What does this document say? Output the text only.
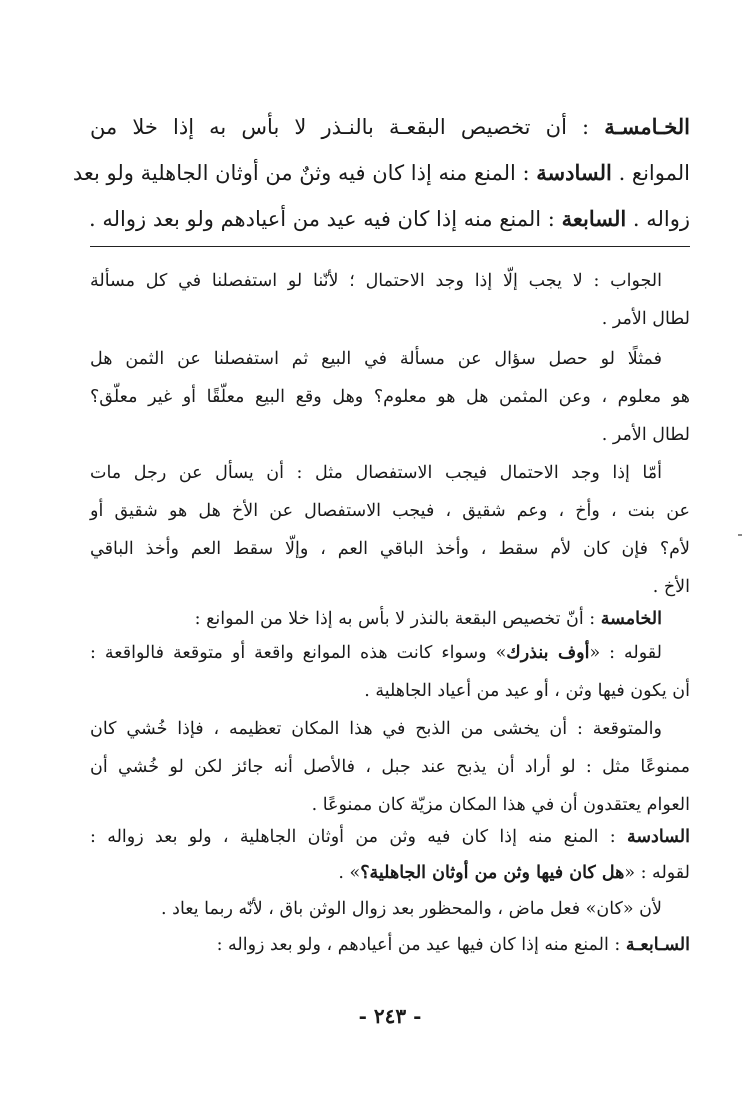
الخـامسـة : أن تخصيص البقعـة بالنـذر لا بأس به إذا خلا من
الموانع . السادسة : المنع منه إذا كان فيه وثنٌ من أوثان الجاهلية ولو بعد
زواله . السابعة : المنع منه إذا كان فيه عيد من أعيادهم ولو بعد زواله .
الجواب : لا يجب إلّا إذا وجد الاحتمال ؛ لأنّنا لو استفصلنا في كل مسألة
لطال الأمر .
فمثلًا لو حصل سؤال عن مسألة في البيع ثم استفصلنا عن الثمن هل
هو معلوم ، وعن المثمن هل هو معلوم؟ وهل وقع البيع معلّقًا أو غير معلّق؟
لطال الأمر .
أمّا إذا وجد الاحتمال فيجب الاستفصال مثل : أن يسأل عن رجل مات
عن بنت ، وأخ ، وعم شقيق ، فيجب الاستفصال عن الأخ هل هو شقيق أو
لأم؟ فإن كان لأم سقط ، وأخذ الباقي العم ، وإلّا سقط العم وأخذ الباقي
الأخ .
الخامسة : أنّ تخصيص البقعة بالنذر لا بأس به إذا خلا من الموانع :
لقوله : «أوف بنذرك» وسواء كانت هذه الموانع واقعة أو متوقعة فالواقعة :
أن يكون فيها وثن ، أو عيد من أعياد الجاهلية .
والمتوقعة : أن يخشى من الذبح في هذا المكان تعظيمه ، فإذا خُشي كان
ممنوعًا مثل : لو أراد أن يذبح عند جبل ، فالأصل أنه جائز لكن لو خُشي أن
العوام يعتقدون أن في هذا المكان مزيّة كان ممنوعًا .
السادسة : المنع منه إذا كان فيه وثن من أوثان الجاهلية ، ولو بعد زواله :
لقوله : «هل كان فيها وثن من أوثان الجاهلية؟» .
لأن «كان» فعل ماض ، والمحظور بعد زوال الوثن باق ، لأنّه ربما يعاد .
السـابعـة : المنع منه إذا كان فيها عيد من أعيادهم ، ولو بعد زواله :
- ٢٤٣ -
